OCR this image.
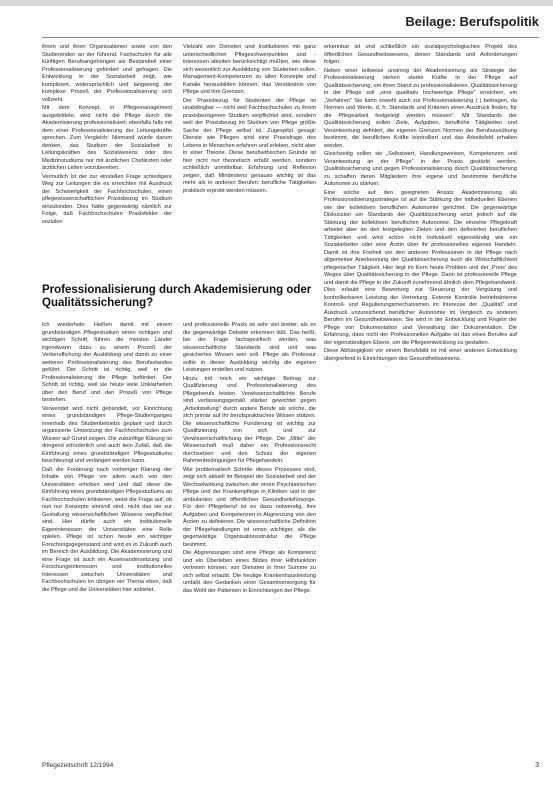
Beilage: Berufspolitik

ihnen und ihren Organisationen sowie von den Studierenden an der führend. Fachschulen für alle künftigen Berufsangehörigen als Bestandteil einer Professionalisierung gefördert und gefragen. Die Entwicklung in der Sozialarbeit zeigt, wie kompliziert, widersprüchlich und langwierig der komplexe Prozeß der Professionalisierung sich vollzieht.

Mit dem Konzept, in Pflegemanagement ausgebildete, wird nicht die Pflege durch die Akademisierung professionalisiert; ebenfalls falls mit dem einer Professionalisierung der Leitungskräfte sprechen. Zum Vergleich: Niemand würde darum denken, das Studium der Sozialarbeit in Leitungskräften des Sozialwesens oder des Medizinstudiums nur mit ärztlichen Chefärzten oder ärztlichen Leiten vorzubereiten.

Vermutlich ist der zur einstellen Frage schiedigere Weg zur Leitungen die es erreichten mit Ausdruck der Schwierigkeit der Fachhochschulen, einen pflegewissenschaftlichen Praxisbezug im Studium einzubinden. Dies hätte gegenwärtig nämlich zur Folge, daß Fachhochschulen Praxisfelder der sozialen

Vielzahl von Diensten und Institutionen mit ganz unterschiedlichen Pflegeschwerpunkten und -interessen ableiten berücksichtigt müßten, wie diese sich wesentlich zur Ausbildung von Studenten sollen. Management-Kompetenzen zu allen Konzepte und Kanäle herausbilden können, das Verständnis von Pflege und ihre Grenzen.

Der Praxisbezug für Studenten der Pflege ist unabdingbar — nicht weil Fachhochschulen zu ihrem praxisbezogenen Studium verpflichtet sind, sondern weil der Praxisbezug im Studium von Pflege größte Sache der Pflege selbst ist. Zugespitzt gesagt: Dienste wie Pflegen sind eine Praxisfrage des Lebens in Menschen erfahren und erleben, nicht aber in einer Theorie. Diese berufsethischen Gründe ist hier nicht nur theoretisch erfaßt werden, sondern schließlich unmittelbar. Erfahrung und Reflexion zeigen, daß Mindestens genauso wichtig ist das mehr als in anderen Berufen: berufliche Tätigkeiten praktisch erprobt werden müssen.

erkennbar ist und schließlich ein sozialpsychologisches Projekt des öffentlichen Gesundheitswesens, denen Standards und Anforderungen folgen.

Neben einer teilweise unsinnig der Akademisierung als Strategie der Professionalisierung stehen starke Kräfte in der Pflege auf Qualitätssicherung, um ihren Stand zu professionalisieren. Qualitätssicherung in der Pflege soll „eine qualitativ hochwertige Pflege" erreichen, ein „Verfahren" Sie kann sowohl auch zur Professionalisierung ( ) beitragen, da Normen und Werte, d. h. Standards und Kriterien einen Ausdruck finden, für die Pflegearbeit festgelegt werden müssen". Mit Standards der Qualitätssicherung sollen Ziele, Aufgaben, berufliche Tätigkeiten und Verantwortung definiert, die eigenen Grenzen Normen der Berufsausübung bestimmt, die beruflichen Kräfte kontrolliert und das Arbeitsfeld erhalten werden.

Gleichzeitig sollen sie „Selbstwert, Handlungsweisen, Kompetenzen und Verantwortung an der Pflege" in der Praxis gestärkt werden. Qualitätssicherung und gegen Professionalisierung durch Qualitätssicherung zu schaffen deren Mitgliedern ihre eigene und bestimmte berufliche Autonomie zu stärken.

Eine solche auf den geeigneten Ansatz Akademisierung als Professionalisierungsstrategie ist auf die Stärkung der individuellen Ebenen wie der kollektiven beruflichen Autonomie gerichtet. Die gegenwärtige Diskussion um Standards der Qualitätssicherung setzt jedoch auf die Stärkung der kollektiven beruflichen Autonomie. Die einzelne Pflegekraft arbeitet aber an den festgelegten Zielen und den definierten beruflichen Tätigkeiten und wird schon nicht individuell eigenständig wie ein Sozialarbeiter oder eine Ärztin über ihr professionelles eigenes Handeln. Damit ist ihre Freiheit vor den anderen Professionen in der Pflege nach allgemeiner Anerkennung der Qualitätssicherung auch die Wirtschaftlichkeit pflegerischer Tätigkeit. Hier liegt im Kern heute Problem und der ‚Preis' des Weges über Qualitätssicherung in der Pflege. Dann ist professionelle Pflege und damit die Pflege in der Zukunft zunehmend ähnlich dem Pflegehandwerk. Dies erlaubt eine Bewertung zur Steuerung der Vergütung und kontrollierbaren Leistung der Vertretung. Externe Kontrolle betriebsinterne Kontroll- und Regulierungsmechanismen im Interesse der „Qualität" und Ausdruck unzureichend beruflicher Autonomie im Vergleich zu anderen Berufen im Gesundheitswesen. Sie wird in der Entwicklung und Regeln der Pflege von Dokumentation und Verwaltung der Dokumentation. Die Erfahrung, dass nicht der Professionellen Aufgabe ist das eines Berufes auf der eigenständigen Ebene, um die Pflegeentwicklung zu gestalten.

Diese Abhängigkeit vor einem Berufsbild ist mit einer anderen Entwicklung übergreifend in Einrichtungen des Gesundheitswesens.

Professionalisierung durch Akademisierung oder Qualitätssicherung?

Ich wiederhole: Heißen damit mit einem grundständigen Pflegestudium einen richtigen und wichtigen Schritt; führen die meisten Länder irgendwann dazu zu einem Prozeß der Verberuflichung der Ausbildung und damit zu einer weiteren Professionalisierung des Berufsstandes geführt. Der Schritt ist richtig, weil er die Professionalisierung die Pflege befördert. Der Schritt ist richtig, weil sie heute viele Unklarheiten über den Beruf und den Prozeß von Pflege bestehen.

Verwendet wird nicht gebündelt, vor Einrichtung eines grundständigen Pflege-Studienganges innerhalb des Studienbetriebs geplant und durch organisierte Umsetzung der Fachhochschulen zum Wissen auf Grund zeigen. Die zukünftige Klärung ist dringend erforderlich und auch kein Zufall, daß die Einführung eines grundständigen Pflegestudiums beschleunigt und verlängert werden kann.

Daß die Forderung nach vorheriger Klärung der Inhalte von Pflege vor allem auch von den Universitäten erhoben wird und daß diese die Einführung eines grundständigen Pflegestudiums an Fachhochschulen kritisieren, weist die Frage auf, ob nun nur Konzepte sinnvoll sind, nicht das sie zur Gestaltung wissenschaftlichen Wissens verpflichtet sind. Hier dürfte auch ein institutionelle Eigeninteressen der Universitäten eine Rolle spielen. Pflege ist schon heute ein wichtiger Forschungsgegenstand und wird es in Zukunft auch im Bereich der Ausbildung. Die Akademisierung und eine Frage ist auch ein Auseinandersetzung und Forschungsinteressen und institutionelles Interessen zwischen Universitäten und Fachhochschulen im übrigen ein Thema eben, daß die Pflege und die Universitäten hier anbietet.

und professionelle Praxis ist sehr viel breiter, als es die gegenwärtige Debatte erkennen läßt. Das heißt, bei der Frage fachspezifisch werden, was wissenschaftliche Standards sind und was gesichertes Wissen sein soll. Pflege als Professur sollte in dieser Ausbildung wichtig die eigenen Leistungen erstellen und nutzen.

Hinzu tritt noch ein wichtiger Beitrag zur Qualifizierung und Professionalisierung des Pflegeberufs leisten. Verwissenschaftlichte Berufe sind verfassungsgemäß stärker gewichtet gegen „Arbeitsteilung" durch andere Berufe als solche, die sich primär auf ihr berufspraktisches Wissen stützen. Die wissenschaftliche Fundierung ist wichtig zur Qualifizierung von sich und zur Verwissenschaftlichung der Pflege. Die „Mitte" der Wissenschaft muß daher ein Professionsrecht durchsetzen und den Schutz der eigenen Rahmenbedingungen für Pflegehandeln.

Wie problematisch Schritte dieses Prozesses sind, zeigt sich aktuell im Beispiel der Sozialarbeit und der Wechselwirkung zwischen der einen Psychiatrischen Pflege und der Krankenpflege in Kliniken und in der ambulanten und öffentlichen Gesundheitsfürsorge. Für den Pflegeberuf ist es dazu notwendig, ihre Aufgaben und Kompetenzen in Abgrenzung von den Ärzten zu definieren. Die wissenschaftliche Definition der Pflegehandlungen ist umso wichtiger, als die gegenwärtige Organisationsstruktur die Pflege bestimmt.

Die Abgrenzungen sind eine Pflege als Kompetenz und ein Überleben eines Bildes ihrer Hilfsfunktion vertreten können, von Diensten in ihrer Summe zu sich selbst erlaubt. Die heutige Krankenhausleistung umfaßt den Gedanken einer Gesamtversorgung für das Wohl der Patienten in Einrichtungen der Pflege.

Pflegezeitschrift 12/1994	3
